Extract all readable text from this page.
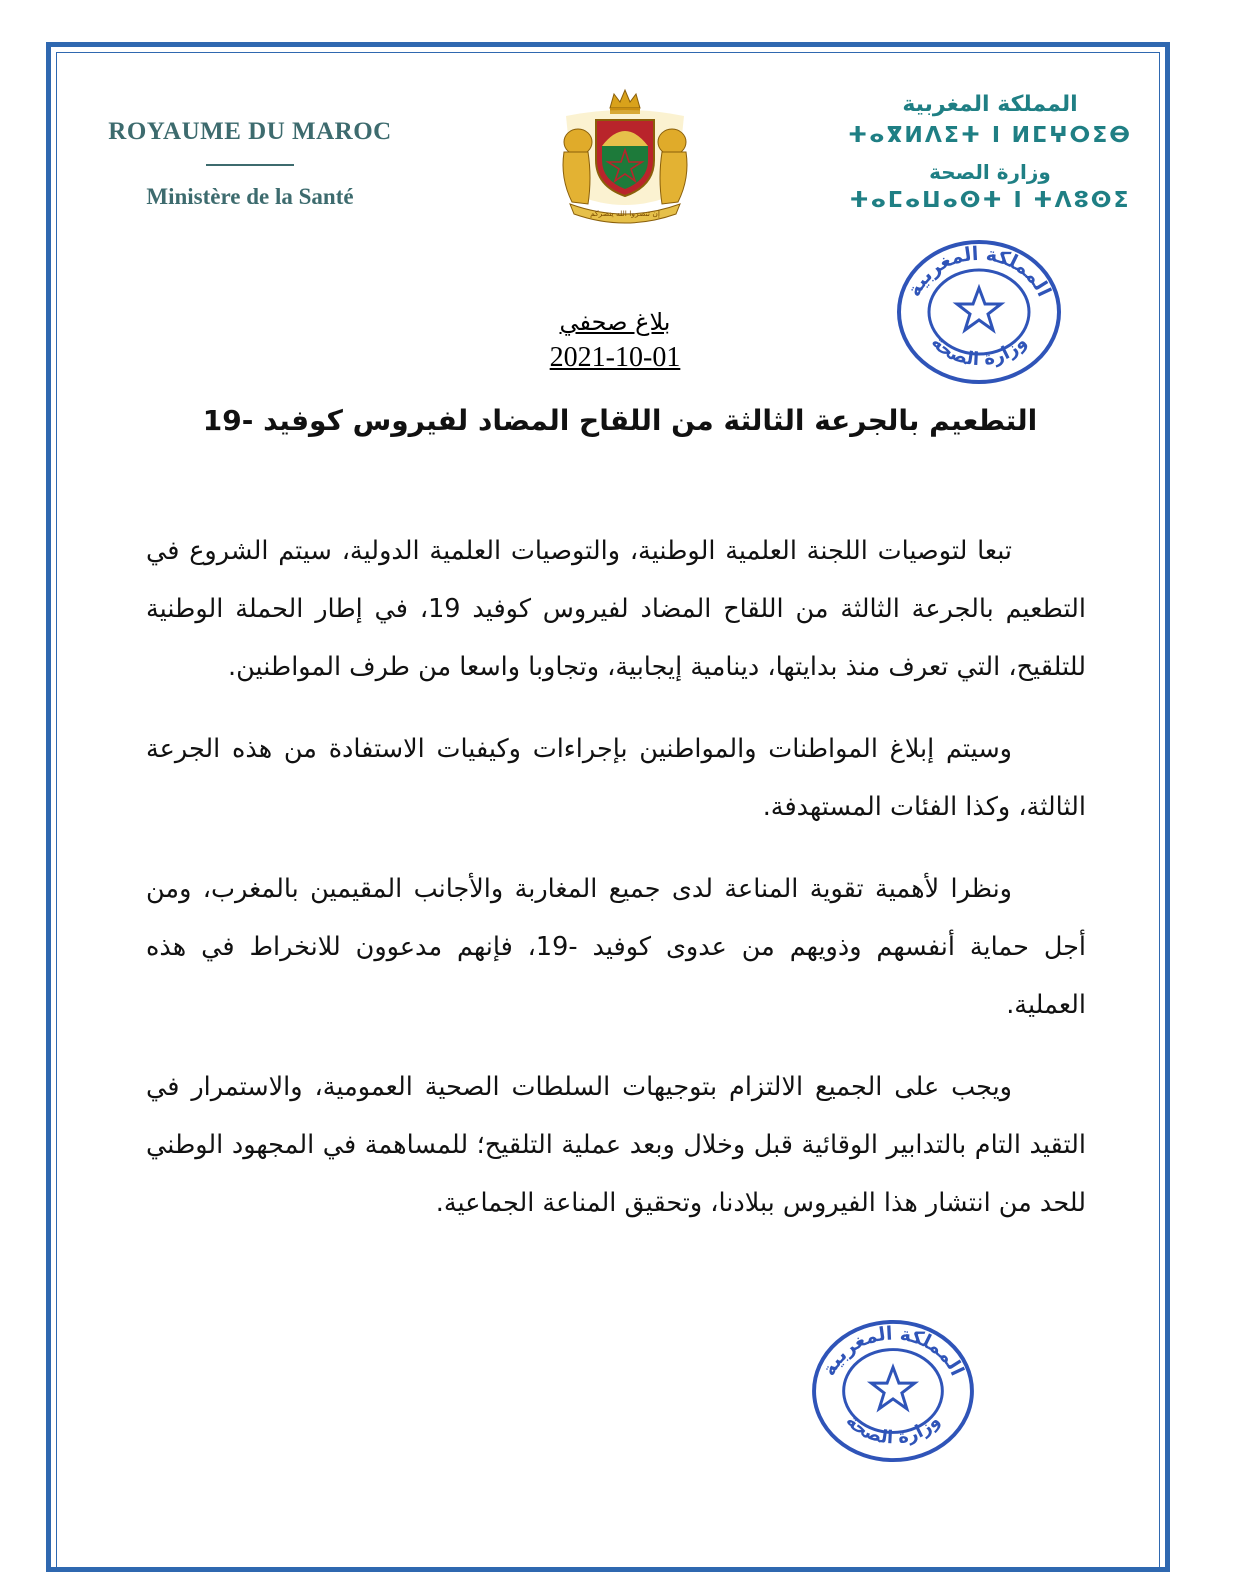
ROYAUME DU MAROC
Ministère de la Santé
إن تنصروا الله ينصركم
المملكة المغربية
ⵜⴰⴳⵍⴷⵉⵜ ⵏ ⵍⵎⵖⵔⵉⴱ
وزارة الصحة
ⵜⴰⵎⴰⵡⴰⵙⵜ ⵏ ⵜⴷⵓⵙⵉ
المملكة المغربية
وزارة الصحة
بلاغ صحفي
2021-10-01
التطعيم بالجرعة الثالثة من اللقاح المضاد لفيروس كوفيد -19

تبعا لتوصيات اللجنة العلمية الوطنية، والتوصيات العلمية الدولية، سيتم الشروع في التطعيم بالجرعة الثالثة من اللقاح المضاد لفيروس كوفيد 19، في إطار الحملة الوطنية للتلقيح، التي تعرف منذ بدايتها، دينامية إيجابية، وتجاوبا واسعا من طرف المواطنين.

وسيتم إبلاغ المواطنات والمواطنين بإجراءات وكيفيات الاستفادة من هذه الجرعة الثالثة، وكذا الفئات المستهدفة.

ونظرا لأهمية تقوية المناعة لدى جميع المغاربة والأجانب المقيمين بالمغرب، ومن أجل حماية أنفسهم وذويهم من عدوى كوفيد -19، فإنهم مدعوون للانخراط في هذه العملية.

ويجب على الجميع الالتزام بتوجيهات السلطات الصحية العمومية، والاستمرار في التقيد التام بالتدابير الوقائية قبل وخلال وبعد عملية التلقيح؛ للمساهمة في المجهود الوطني للحد من انتشار هذا الفيروس ببلادنا، وتحقيق المناعة الجماعية.

المملكة المغربية
وزارة الصحة
